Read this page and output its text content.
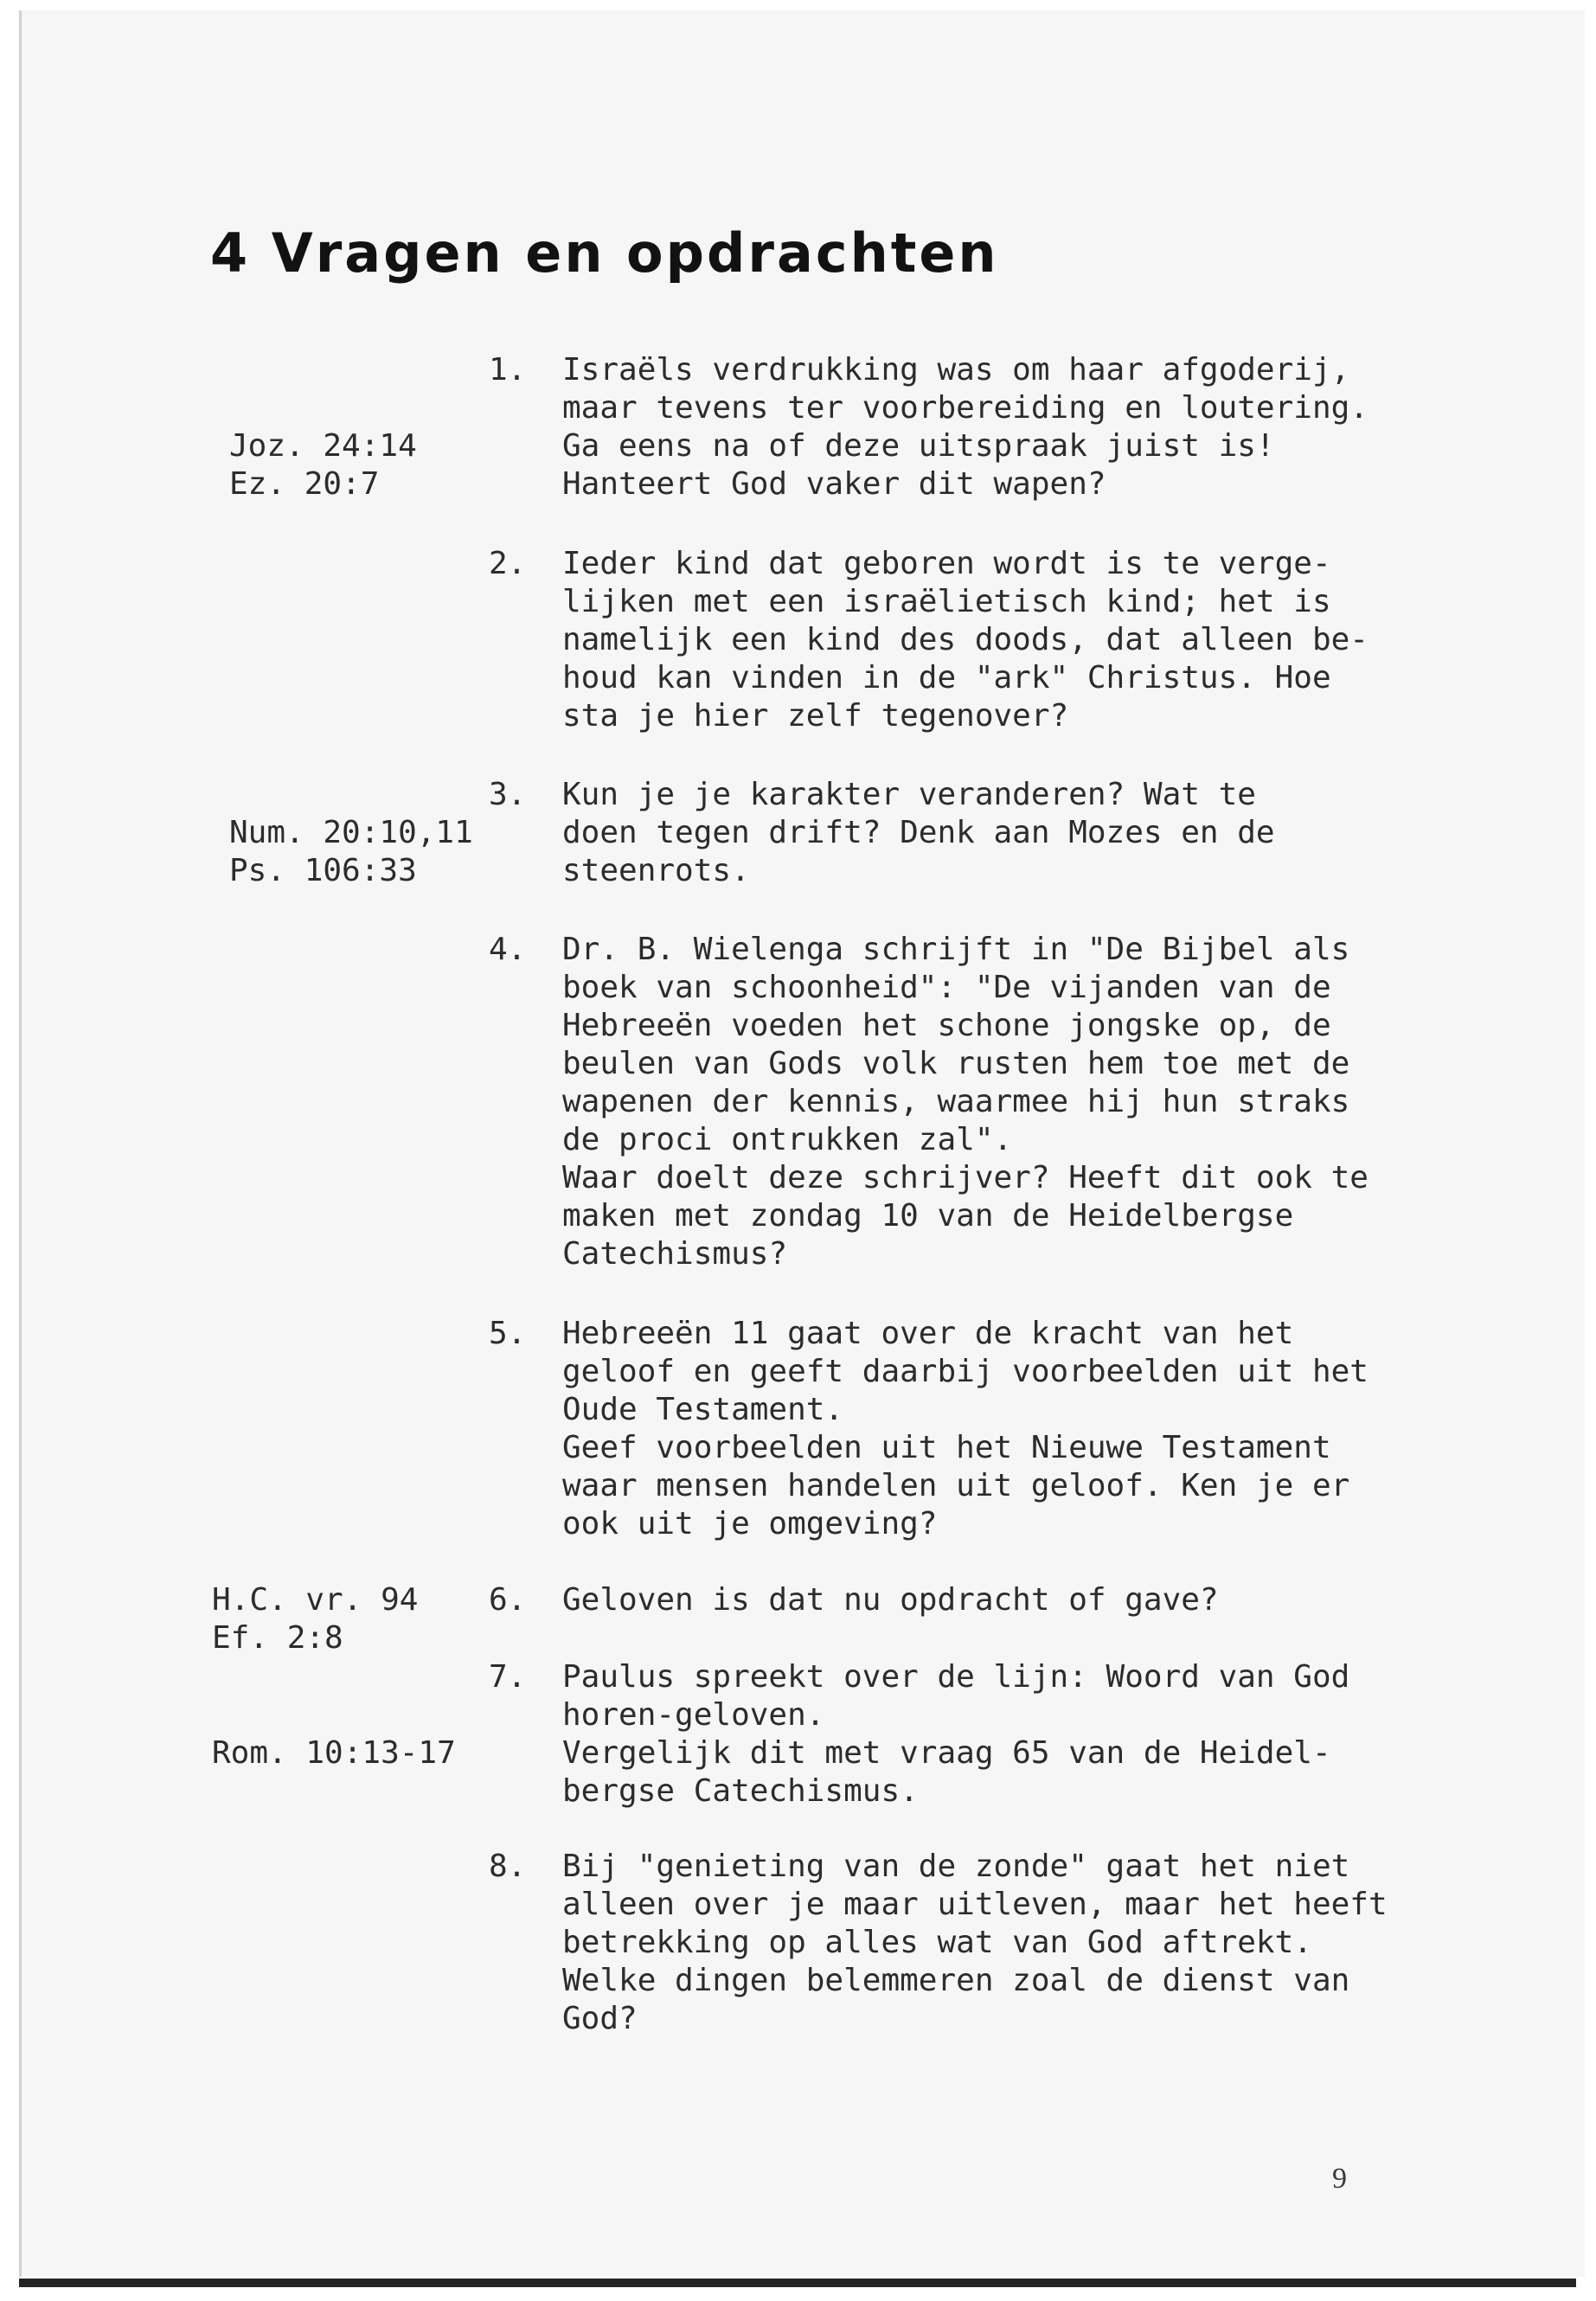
4 Vragen en opdrachten
1.	Israëls verdrukking was om haar afgoderij,
maar tevens ter voorbereiding en loutering.
Ga eens na of deze uitspraak juist is!
Hanteert God vaker dit wapen?
Joz. 24:14
Ez. 20:7
2.	Ieder kind dat geboren wordt is te verge-
lijken met een israëlietisch kind; het is
namelijk een kind des doods, dat alleen be-
houd kan vinden in de "ark" Christus. Hoe
sta je hier zelf tegenover?
3.	Kun je je karakter veranderen? Wat te
doen tegen drift? Denk aan Mozes en de
steenrots.
Num. 20:10,11
Ps. 106:33
4.	Dr. B. Wielenga schrijft in "De Bijbel als
boek van schoonheid": "De vijanden van de
Hebreeën voeden het schone jongske op, de
beulen van Gods volk rusten hem toe met de
wapenen der kennis, waarmee hij hun straks
de proci ontrukken zal".
Waar doelt deze schrijver? Heeft dit ook te
maken met zondag 10 van de Heidelbergse
Catechismus?
5.	Hebreeën 11 gaat over de kracht van het
geloof en geeft daarbij voorbeelden uit het
Oude Testament.
Geef voorbeelden uit het Nieuwe Testament
waar mensen handelen uit geloof. Ken je er
ook uit je omgeving?
6.	Geloven is dat nu opdracht of gave?
H.C. vr. 94
Ef. 2:8
7.	Paulus spreekt over de lijn: Woord van God
horen-geloven.
Vergelijk dit met vraag 65 van de Heidel-
bergse Catechismus.
Rom. 10:13-17
8.	Bij "genieting van de zonde" gaat het niet
alleen over je maar uitleven, maar het heeft
betrekking op alles wat van God aftrekt.
Welke dingen belemmeren zoal de dienst van
God?
9
